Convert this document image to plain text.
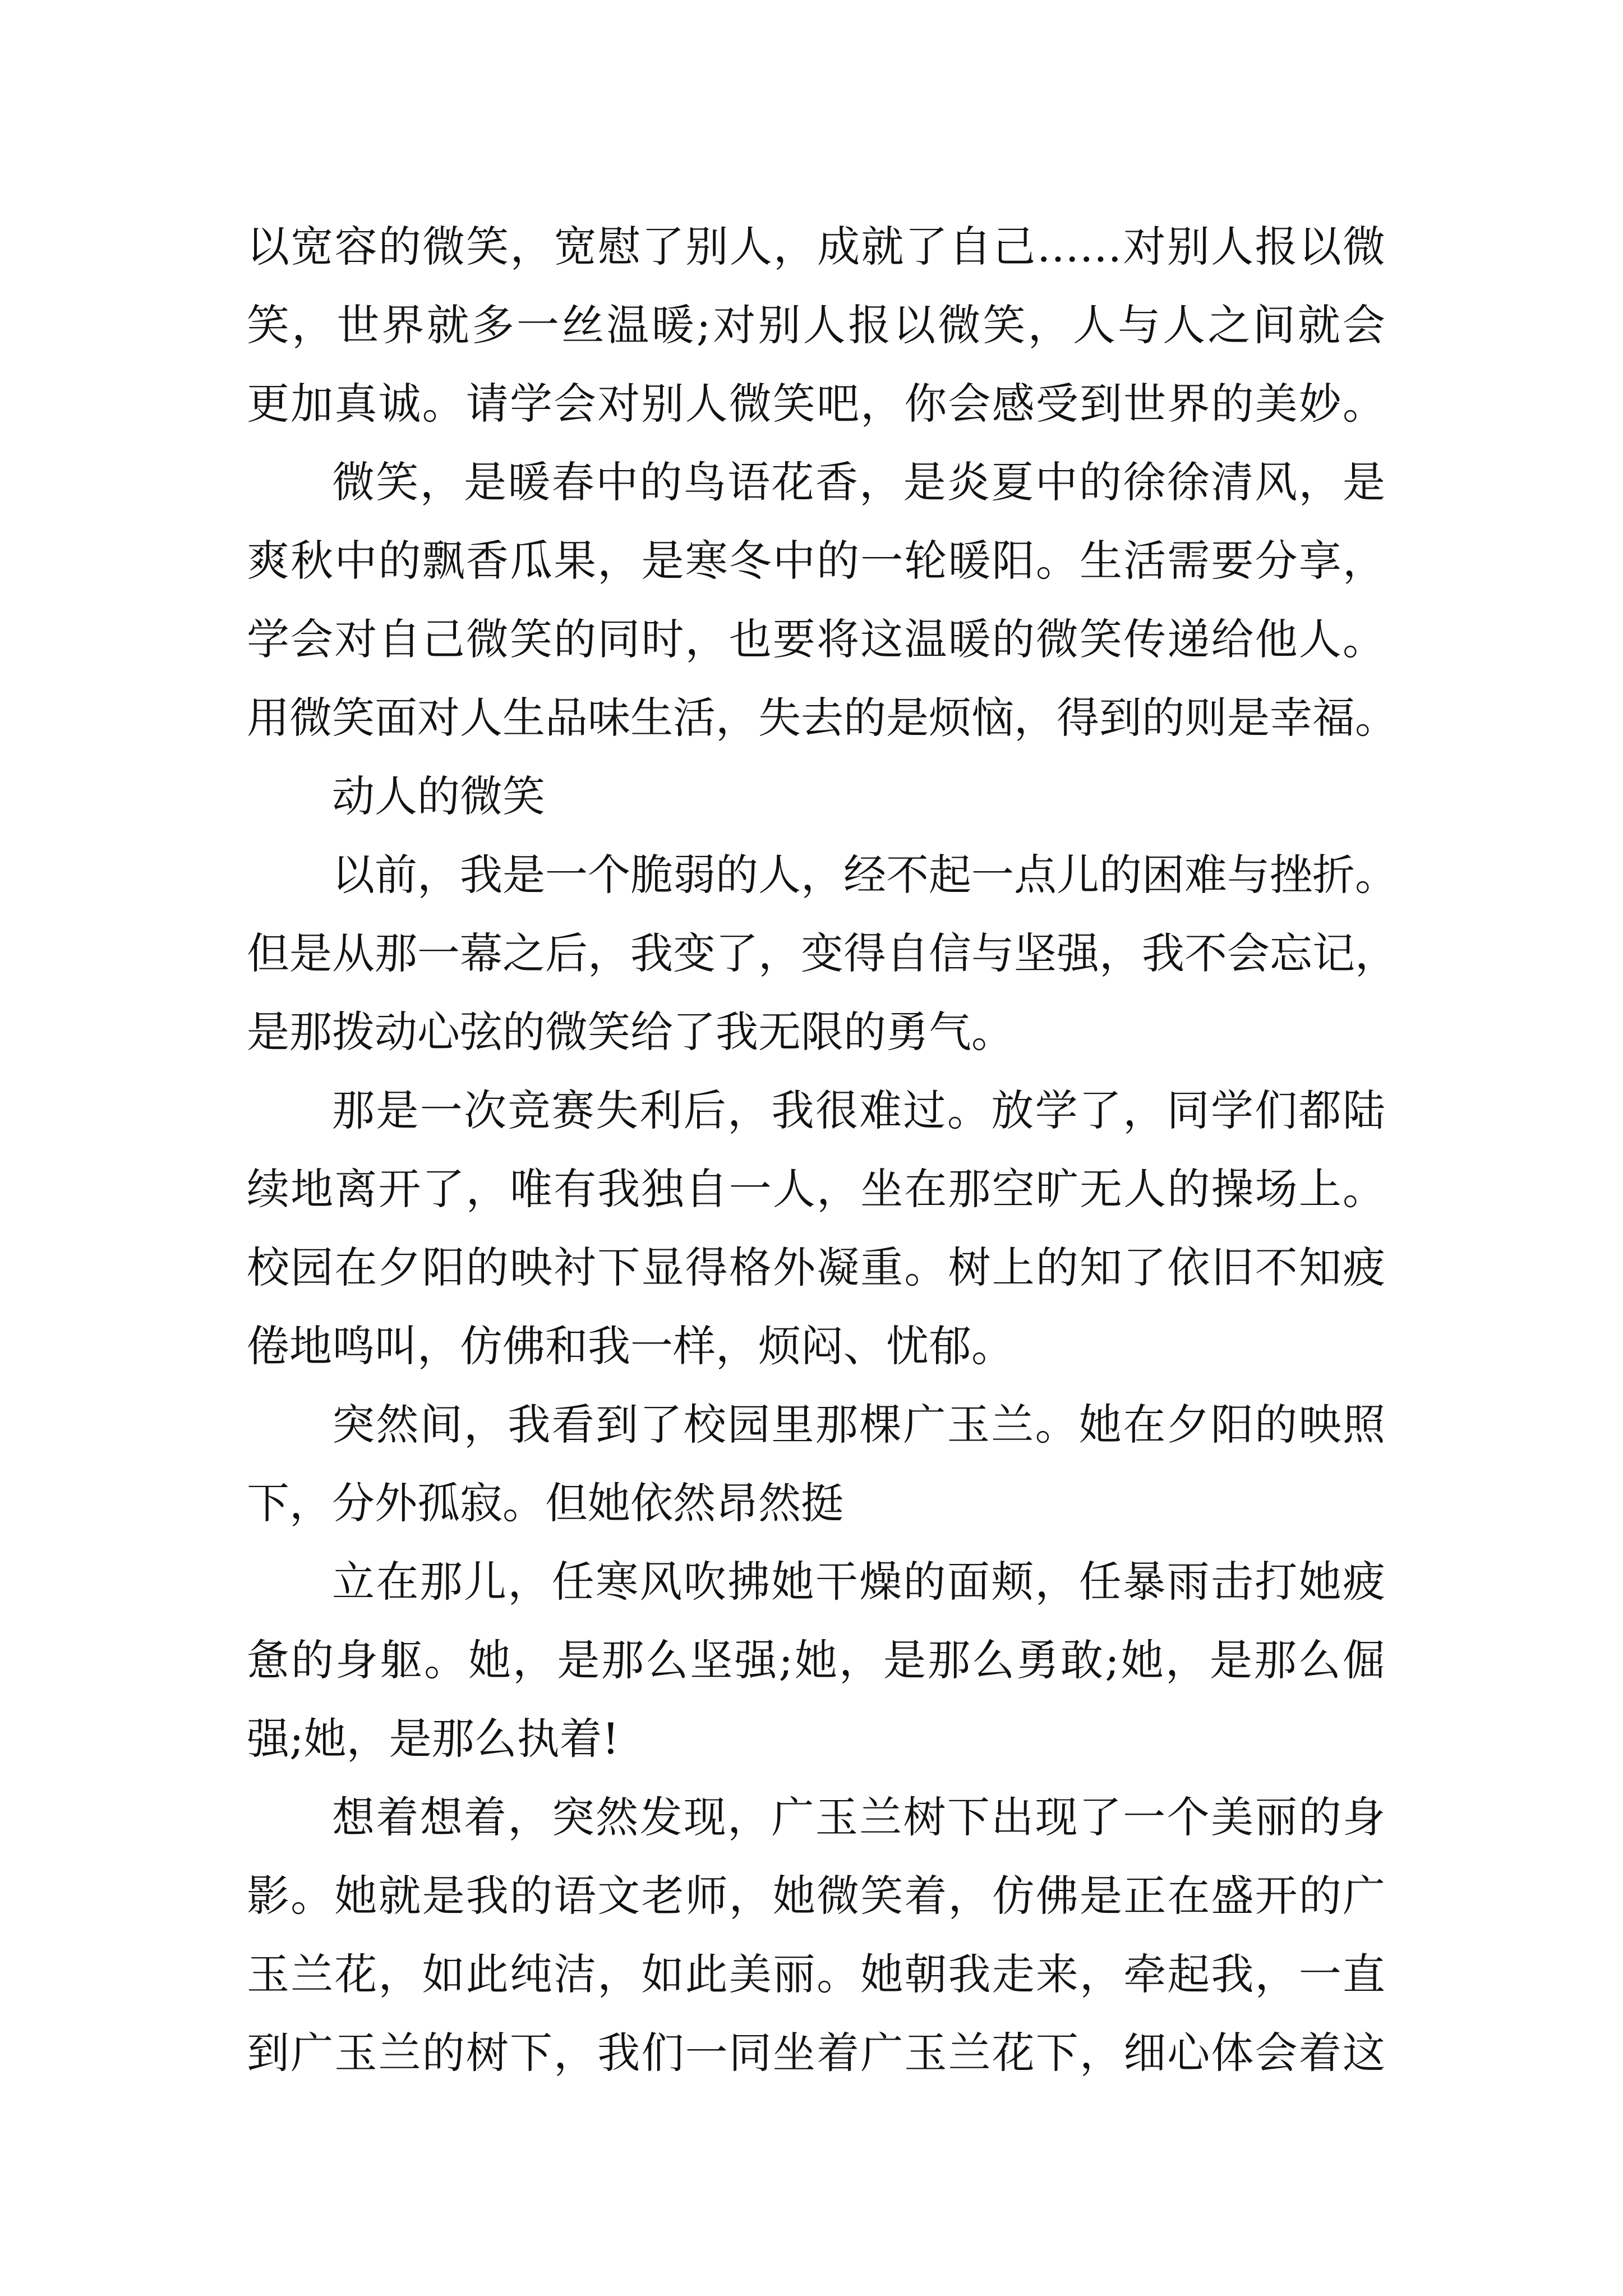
以宽容的微笑，宽慰了别人，成就了自己……对别人报以微
笑，世界就多一丝温暖;对别人报以微笑，人与人之间就会
更加真诚。请学会对别人微笑吧，你会感受到世界的美妙。
微笑，是暖春中的鸟语花香，是炎夏中的徐徐清风，是
爽秋中的飘香瓜果，是寒冬中的一轮暖阳。生活需要分享，
学会对自己微笑的同时，也要将这温暖的微笑传递给他人。
用微笑面对人生品味生活，失去的是烦恼，得到的则是幸福。
动人的微笑
以前，我是一个脆弱的人，经不起一点儿的困难与挫折。
但是从那一幕之后，我变了，变得自信与坚强，我不会忘记，
是那拨动心弦的微笑给了我无限的勇气。
那是一次竞赛失利后，我很难过。放学了，同学们都陆
续地离开了，唯有我独自一人，坐在那空旷无人的操场上。
校园在夕阳的映衬下显得格外凝重。树上的知了依旧不知疲
倦地鸣叫，仿佛和我一样，烦闷、忧郁。
突然间，我看到了校园里那棵广玉兰。她在夕阳的映照
下，分外孤寂。但她依然昂然挺
立在那儿，任寒风吹拂她干燥的面颊，任暴雨击打她疲
惫的身躯。她，是那么坚强;她，是那么勇敢;她，是那么倔
强;她，是那么执着!
想着想着，突然发现，广玉兰树下出现了一个美丽的身
影。她就是我的语文老师，她微笑着，仿佛是正在盛开的广
玉兰花，如此纯洁，如此美丽。她朝我走来，牵起我，一直
到广玉兰的树下，我们一同坐着广玉兰花下，细心体会着这
